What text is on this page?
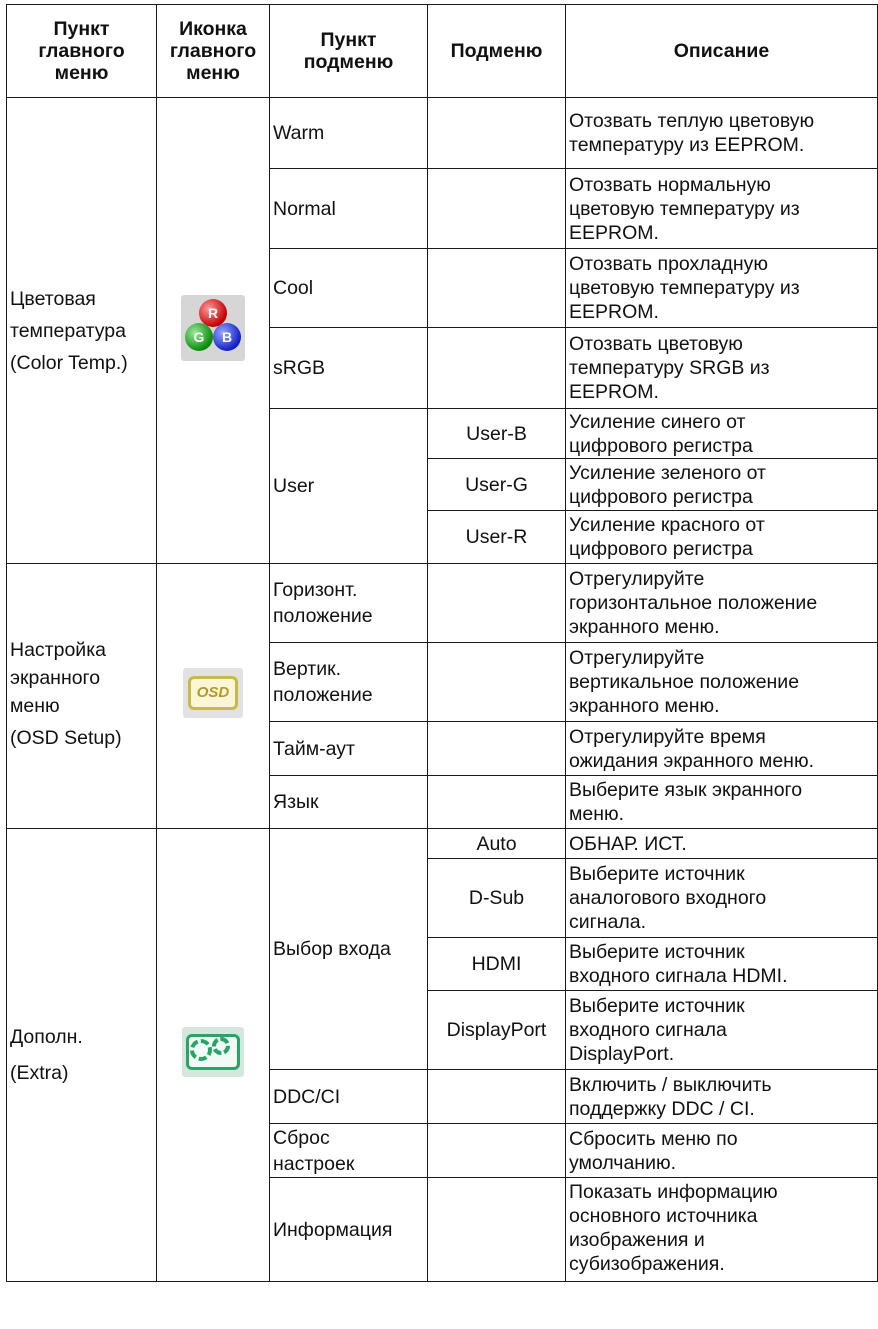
Пункт
главного
меню	Иконка
главного
меню	Пункт
подменю	Подменю	Описание
Цветовая
температура
(Color Temp.)	R
G B	Warm		Отозвать теплую цветовую
температуру из EEPROM.

		Normal		Отозвать нормальную
цветовую температуру из
EEPROM.

		Cool		Отозвать прохладную
цветовую температуру из
EEPROM.

		sRGB		Отозвать цветовую
температуру SRGB из
EEPROM.

		User	User-B	Усиление синего от
цифрового регистра

			User-G	Усиление зеленого от
цифрового регистра

			User-R	Усиление красного от
цифрового регистра

Настройка
экранного
меню
(OSD Setup)	OSD	Горизонт.
положение		Отрегулируйте
горизонтальное положение
экранного меню.

		Вертик.
положение		Отрегулируйте
вертикальное положение
экранного меню.

		Тайм-аут		Отрегулируйте время
ожидания экранного меню.

		Язык		Выберите язык экранного
меню.

Дополн.
(Extra)		Выбор входа	Auto	ОБНАР. ИСТ.

			D-Sub	Выберите источник
аналогового входного
сигнала.

			HDMI	Выберите источник
входного сигнала HDMI.

			DisplayPort	Выберите источник
входного сигнала
DisplayPort.

		DDC/CI		Включить / выключить
поддержку DDC / CI.

		Сброс
настроек		Сбросить меню по
умолчанию.

		Информация		Показать информацию
основного источника
изображения и
субизображения.
